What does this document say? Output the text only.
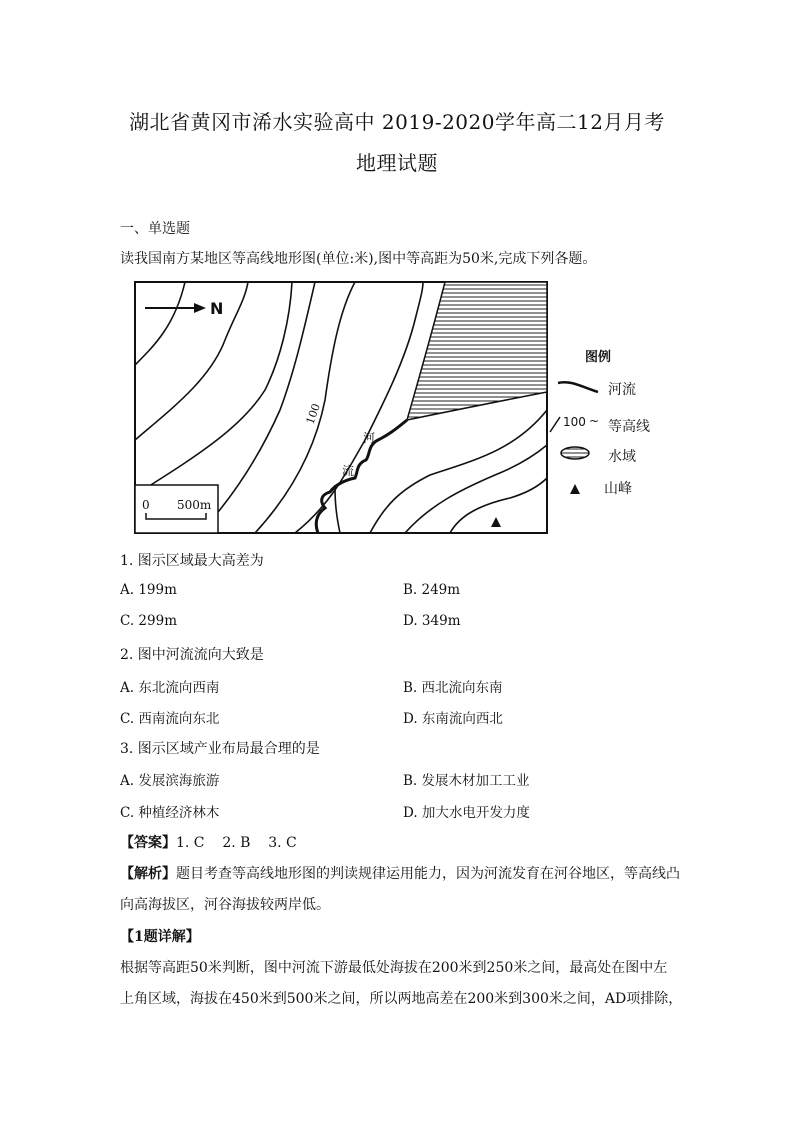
湖北省黄冈市浠水实验高中 2019-2020学年高二12月月考
地理试题
一、单选题
读我国南方某地区等高线地形图(单位:米),图中等高距为50米,完成下列各题。
100
河
流
N
0 500m
图例
河流
100 ~ 等高线
水域
山峰
1. 图示区域最大高差为
A. 199m	B. 249m
C. 299m	D. 349m
2. 图中河流流向大致是
A. 东北流向西南	B. 西北流向东南
C. 西南流向东北	D. 东南流向西北
3. 图示区域产业布局最合理的是
A. 发展滨海旅游	B. 发展木材加工工业
C. 种植经济林木	D. 加大水电开发力度
【答案】1. C    2. B    3. C
【解析】题目考查等高线地形图的判读规律运用能力，因为河流发育在河谷地区，等高线凸
向高海拔区，河谷海拔较两岸低。
【1题详解】
根据等高距50米判断，图中河流下游最低处海拔在200米到250米之间，最高处在图中左
上角区域，海拔在450米到500米之间，所以两地高差在200米到300米之间，AD项排除，
